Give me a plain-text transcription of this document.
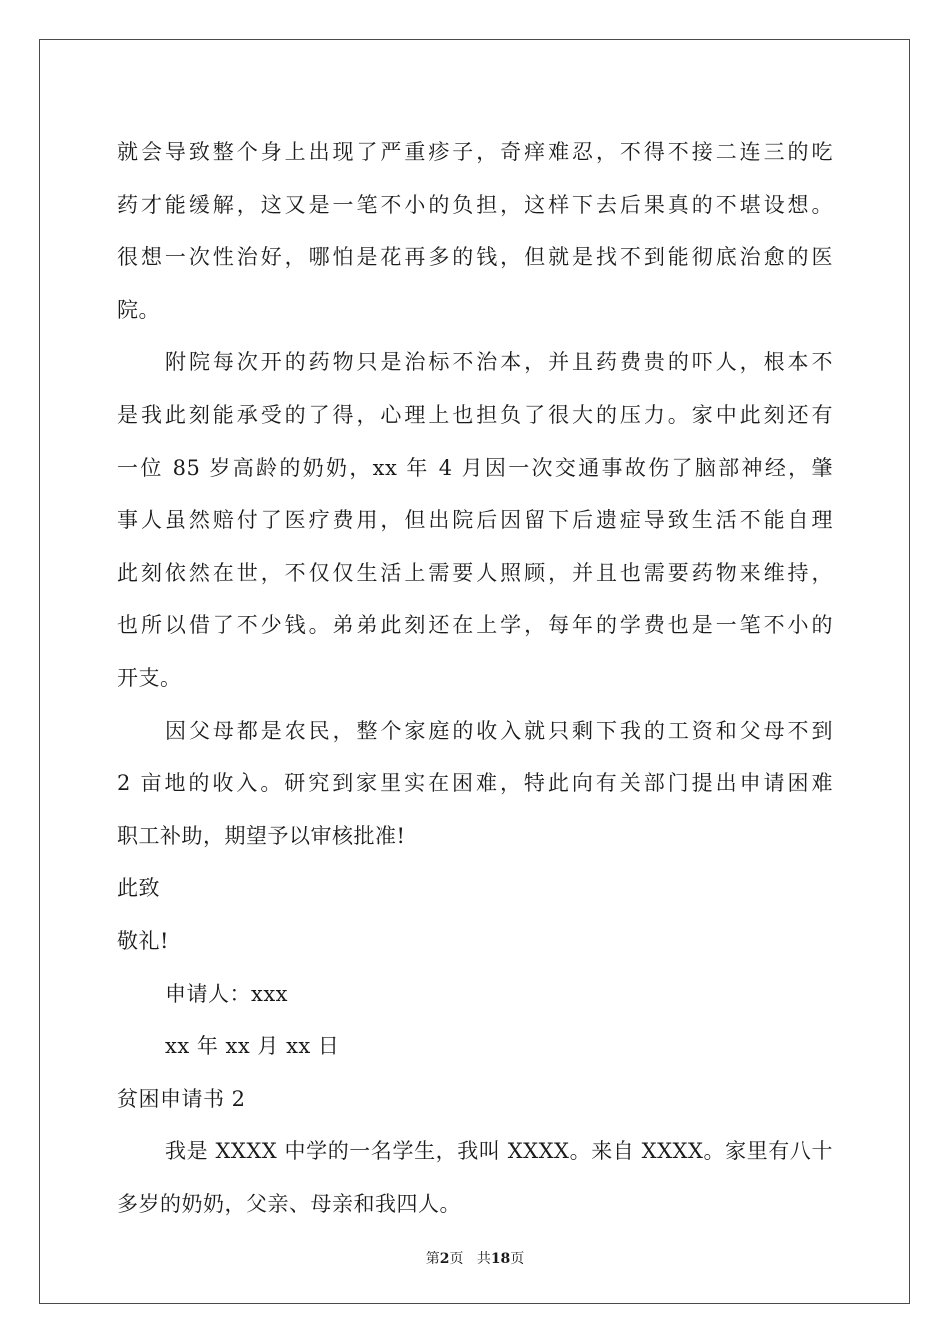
就会导致整个身上出现了严重疹子，奇痒难忍，不得不接二连三的吃
药才能缓解，这又是一笔不小的负担，这样下去后果真的不堪设想。
很想一次性治好，哪怕是花再多的钱，但就是找不到能彻底治愈的医
院。
附院每次开的药物只是治标不治本，并且药费贵的吓人，根本不
是我此刻能承受的了得，心理上也担负了很大的压力。家中此刻还有
一位 85 岁高龄的奶奶，xx 年 4 月因一次交通事故伤了脑部神经，肇
事人虽然赔付了医疗费用，但出院后因留下后遗症导致生活不能自理
此刻依然在世，不仅仅生活上需要人照顾，并且也需要药物来维持，
也所以借了不少钱。弟弟此刻还在上学，每年的学费也是一笔不小的
开支。
因父母都是农民，整个家庭的收入就只剩下我的工资和父母不到
2 亩地的收入。研究到家里实在困难，特此向有关部门提出申请困难
职工补助，期望予以审核批准!
此致
敬礼!
申请人：xxx
xx 年 xx 月 xx 日
贫困申请书 2
我是 XXXX 中学的一名学生，我叫 XXXX。来自 XXXX。家里有八十
多岁的奶奶，父亲、母亲和我四人。
第2页 共18页
